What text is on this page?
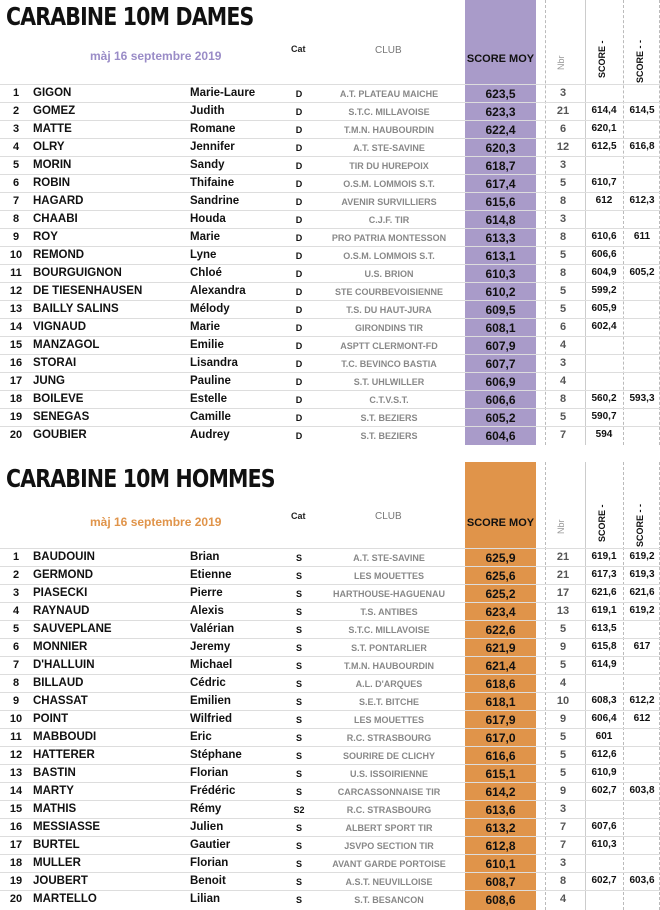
CARABINE 10M DAMES
màj 16 septembre 2019	Cat	CLUB
SCORE MOY Nbr	SCORE -	SCORE - -
1	GIGON	Marie-Laure	D	A.T. PLATEAU MAICHE	623,5	3
2	GOMEZ	Judith	D	S.T.C. MILLAVOISE	623,3	21	614,4	614,5
3	MATTE	Romane	D	T.M.N. HAUBOURDIN	622,4	6	620,1
4	OLRY	Jennifer	D	A.T. STE-SAVINE	620,3	12	612,5	616,8
5	MORIN	Sandy	D	TIR DU HUREPOIX	618,7	3
6	ROBIN	Thifaine	D	O.S.M. LOMMOIS S.T.	617,4	5	610,7
7	HAGARD	Sandrine	D	AVENIR SURVILLIERS	615,6	8	612	612,3
8	CHAABI	Houda	D	C.J.F. TIR	614,8	3
9	ROY	Marie	D	PRO PATRIA MONTESSON	613,3	8	610,6	611
10 REMOND	Lyne	D	O.S.M. LOMMOIS S.T.	613,1	5	606,6
11 BOURGUIGNON	Chloé	D	U.S. BRION	610,3	8	604,9	605,2
12 DE TIESENHAUSEN	Alexandra	D	STE COURBEVOISIENNE	610,2	5	599,2
13 BAILLY SALINS	Mélody	D	T.S. DU HAUT-JURA	609,5	5	605,9
14 VIGNAUD	Marie	D	GIRONDINS TIR	608,1	6	602,4
15 MANZAGOL	Emilie	D	ASPTT CLERMONT-FD	607,9	4
16 STORAI	Lisandra	D	T.C. BEVINCO BASTIA	607,7	3
17 JUNG	Pauline	D	S.T. UHLWILLER	606,9	4
18 BOILEVE	Estelle	D	C.T.V.S.T.	606,6	8	560,2	593,3
19 SENEGAS	Camille	D	S.T. BEZIERS	605,2	5	590,7
20 GOUBIER	Audrey	D	S.T. BEZIERS	604,6	7	594
CARABINE 10M HOMMES
màj 16 septembre 2019	Cat	CLUB
SCORE MOY Nbr	SCORE -	SCORE - -
1	BAUDOUIN	Brian	S	A.T. STE-SAVINE	625,9	21	619,1	619,2
2	GERMOND	Etienne	S	LES MOUETTES	625,6	21	617,3	619,3
3	PIASECKI	Pierre	S	HARTHOUSE-HAGUENAU	625,2	17	621,6	621,6
4	RAYNAUD	Alexis	S	T.S. ANTIBES	623,4	13	619,1	619,2
5	SAUVEPLANE	Valérian	S	S.T.C. MILLAVOISE	622,6	5	613,5
6	MONNIER	Jeremy	S	S.T. PONTARLIER	621,9	9	615,8	617
7	D'HALLUIN	Michael	S	T.M.N. HAUBOURDIN	621,4	5	614,9
8	BILLAUD	Cédric	S	A.L. D'ARQUES	618,6	4
9	CHASSAT	Emilien	S	S.E.T. BITCHE	618,1	10	608,3	612,2
10 POINT	Wilfried	S	LES MOUETTES	617,9	9	606,4	612
11 MABBOUDI	Eric	S	R.C. STRASBOURG	617,0	5	601
12 HATTERER	Stéphane	S	SOURIRE DE CLICHY	616,6	5	612,6
13 BASTIN	Florian	S	U.S. ISSOIRIENNE	615,1	5	610,9
14 MARTY	Frédéric	S	CARCASSONNAISE TIR	614,2	9	602,7	603,8
15 MATHIS	Rémy	S2	R.C. STRASBOURG	613,6	3
16 MESSIASSE	Julien	S	ALBERT SPORT TIR	613,2	7	607,6
17 BURTEL	Gautier	S	JSVPO SECTION TIR	612,8	7	610,3
18 MULLER	Florian	S	AVANT GARDE PORTOISE	610,1	3
19 JOUBERT	Benoit	S	A.S.T. NEUVILLOISE	608,7	8	602,7	603,6
20 MARTELLO	Lilian	S	S.T. BESANCON	608,6	4
